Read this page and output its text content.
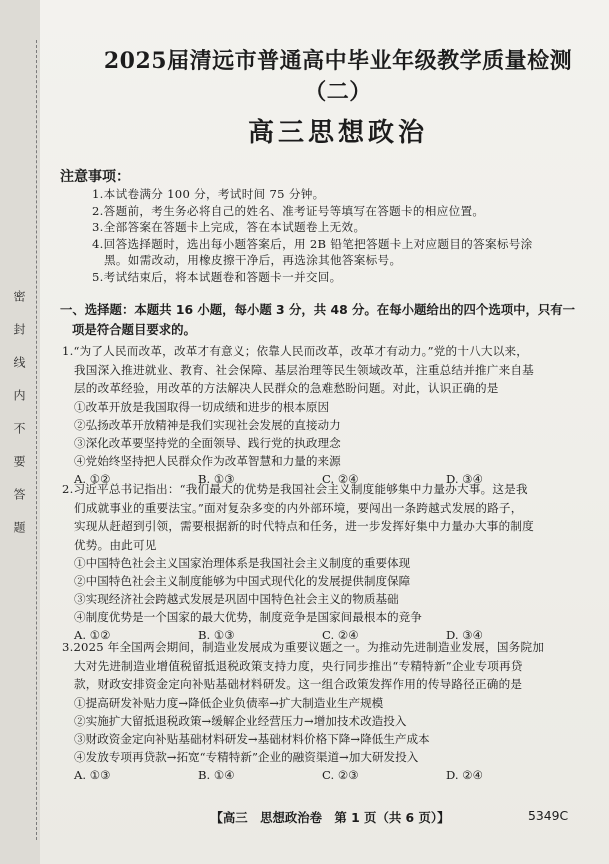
密封线内不要答题
2025届清远市普通高中毕业年级教学质量检测（二）
高三思想政治
注意事项：
1.本试卷满分 100 分，考试时间 75 分钟。
2.答题前，考生务必将自己的姓名、准考证号等填写在答题卡的相应位置。
3.全部答案在答题卡上完成，答在本试题卷上无效。
4.回答选择题时，选出每小题答案后，用 2B 铅笔把答题卡上对应题目的答案标号涂
黑。如需改动，用橡皮擦干净后，再选涂其他答案标号。
5.考试结束后，将本试题卷和答题卡一并交回。
一、选择题：本题共 16 小题，每小题 3 分，共 48 分。在每小题给出的四个选项中，只有一
项是符合题目要求的。

1.“为了人民而改革，改革才有意义；依靠人民而改革，改革才有动力。”党的十八大以来，
我国深入推进就业、教育、社会保障、基层治理等民生领域改革，注重总结并推广来自基
层的改革经验，用改革的方法解决人民群众的急难愁盼问题。对此，认识正确的是

①改革开放是我国取得一切成绩和进步的根本原因
②弘扬改革开放精神是我们实现社会发展的直接动力
③深化改革要坚持党的全面领导、践行党的执政理念
④党始终坚持把人民群众作为改革智慧和力量的来源
A. ①②	B. ①③	C. ②④	D. ③④

2.习近平总书记指出：“我们最大的优势是我国社会主义制度能够集中力量办大事。这是我
们成就事业的重要法宝。”面对复杂多变的内外部环境，要闯出一条跨越式发展的路子，
实现从赶超到引领，需要根据新的时代特点和任务，进一步发挥好集中力量办大事的制度
优势。由此可见

①中国特色社会主义国家治理体系是我国社会主义制度的重要体现
②中国特色社会主义制度能够为中国式现代化的发展提供制度保障
③实现经济社会跨越式发展是巩固中国特色社会主义的物质基础
④制度优势是一个国家的最大优势，制度竞争是国家间最根本的竞争
A. ①②	B. ①③	C. ②④	D. ③④

3.2025 年全国两会期间，制造业发展成为重要议题之一。为推动先进制造业发展，国务院加
大对先进制造业增值税留抵退税政策支持力度，央行同步推出“专精特新”企业专项再贷
款，财政安排资金定向补贴基础材料研发。这一组合政策发挥作用的传导路径正确的是

①提高研发补贴力度→降低企业负债率→扩大制造业生产规模
②实施扩大留抵退税政策→缓解企业经营压力→增加技术改造投入
③财政资金定向补贴基础材料研发→基础材料价格下降→降低生产成本
④发放专项再贷款→拓宽“专精特新”企业的融资渠道→加大研发投入
A. ①③	B. ①④	C. ②③	D. ②④
【高三　思想政治卷　第 1 页（共 6 页）】	5349C
